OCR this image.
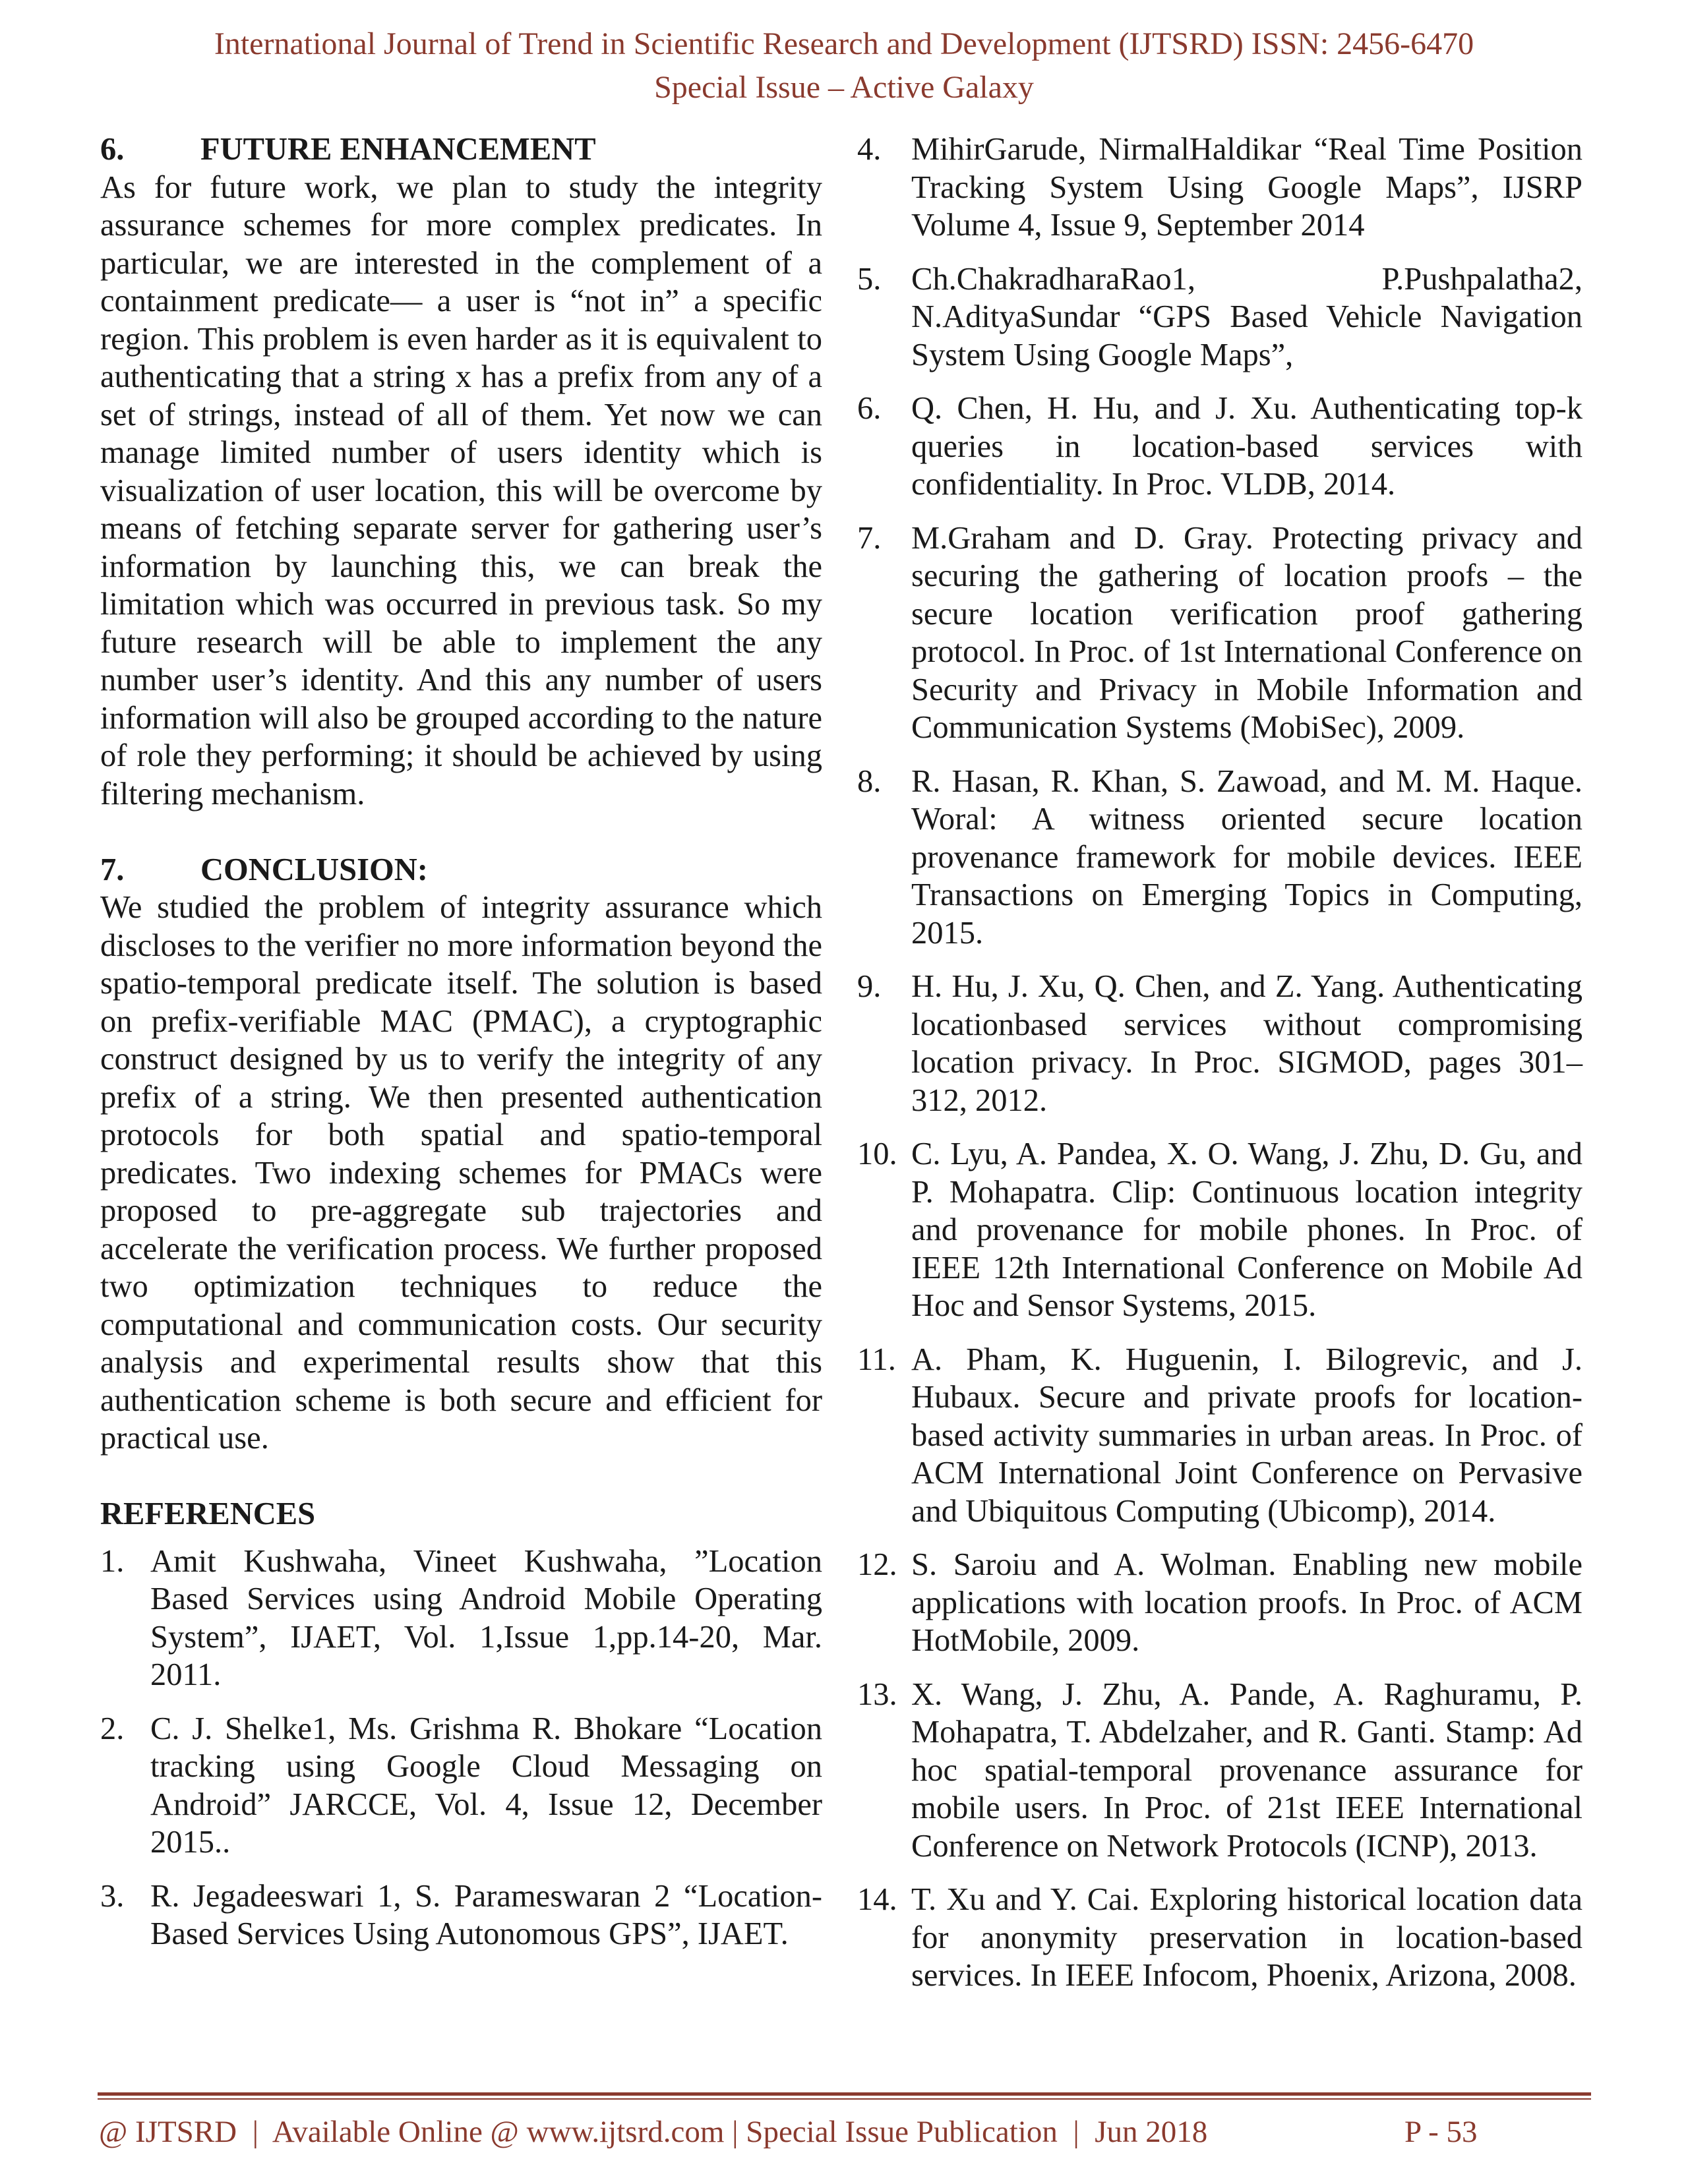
International Journal of Trend in Scientific Research and Development (IJTSRD) ISSN: 2456-6470
Special Issue – Active Galaxy
6.	FUTURE ENHANCEMENT
As for future work, we plan to study the integrity assurance schemes for more complex predicates. In particular, we are interested in the complement of a containment predicate— a user is “not in” a specific region. This problem is even harder as it is equivalent to authenticating that a string x has a prefix from any of a set of strings, instead of all of them. Yet now we can manage limited number of users identity which is visualization of user location, this will be overcome by means of fetching separate server for gathering user’s information by launching this, we can break the limitation which was occurred in previous task. So my future research will be able to implement the any number user’s identity. And this any number of users information will also be grouped according to the nature of role they performing; it should be achieved by using filtering mechanism.
7.	CONCLUSION:
We studied the problem of integrity assurance which discloses to the verifier no more information beyond the spatio-temporal predicate itself. The solution is based on prefix-verifiable MAC (PMAC), a cryptographic construct designed by us to verify the integrity of any prefix of a string. We then presented authentication protocols for both spatial and spatio-temporal predicates. Two indexing schemes for PMACs were proposed to pre-aggregate sub trajectories and accelerate the verification process. We further proposed two optimization techniques to reduce the computational and communication costs. Our security analysis and experimental results show that this authentication scheme is both secure and efficient for practical use.
REFERENCES
1. Amit Kushwaha, Vineet Kushwaha, ”Location Based Services using Android Mobile Operating System”, IJAET, Vol. 1,Issue 1,pp.14-20, Mar. 2011.
2. C. J. Shelke1, Ms. Grishma R. Bhokare “Location tracking using Google Cloud Messaging on Android” JARCCE, Vol. 4, Issue 12, December 2015..
3. R. Jegadeeswari 1, S. Parameswaran 2 “Location-Based Services Using Autonomous GPS”, IJAET.
4. MihirGarude, NirmalHaldikar “Real Time Position Tracking System Using Google Maps”, IJSRP Volume 4, Issue 9, September 2014
5. Ch.ChakradharaRao1, P.Pushpalatha2, N.AdityaSundar “GPS Based Vehicle Navigation System Using Google Maps”,
6. Q. Chen, H. Hu, and J. Xu. Authenticating top-k queries in location-based services with confidentiality. In Proc. VLDB, 2014.
7. M.Graham and D. Gray. Protecting privacy and securing the gathering of location proofs – the secure location verification proof gathering protocol. In Proc. of 1st International Conference on Security and Privacy in Mobile Information and Communication Systems (MobiSec), 2009.
8. R. Hasan, R. Khan, S. Zawoad, and M. M. Haque. Woral: A witness oriented secure location provenance framework for mobile devices. IEEE Transactions on Emerging Topics in Computing, 2015.
9. H. Hu, J. Xu, Q. Chen, and Z. Yang. Authenticating locationbased services without compromising location privacy. In Proc. SIGMOD, pages 301–312, 2012.
10. C. Lyu, A. Pandea, X. O. Wang, J. Zhu, D. Gu, and P. Mohapatra. Clip: Continuous location integrity and provenance for mobile phones. In Proc. of IEEE 12th International Conference on Mobile Ad Hoc and Sensor Systems, 2015.
11. A. Pham, K. Huguenin, I. Bilogrevic, and J. Hubaux. Secure and private proofs for location-based activity summaries in urban areas. In Proc. of ACM International Joint Conference on Pervasive and Ubiquitous Computing (Ubicomp), 2014.
12. S. Saroiu and A. Wolman. Enabling new mobile applications with location proofs. In Proc. of ACM HotMobile, 2009.
13. X. Wang, J. Zhu, A. Pande, A. Raghuramu, P. Mohapatra, T. Abdelzaher, and R. Ganti. Stamp: Ad hoc spatial-temporal provenance assurance for mobile users. In Proc. of 21st IEEE International Conference on Network Protocols (ICNP), 2013.
14. T. Xu and Y. Cai. Exploring historical location data for anonymity preservation in location-based services. In IEEE Infocom, Phoenix, Arizona, 2008.
@ IJTSRD  |  Available Online @ www.ijtsrd.com | Special Issue Publication  |  Jun 2018	P - 53
